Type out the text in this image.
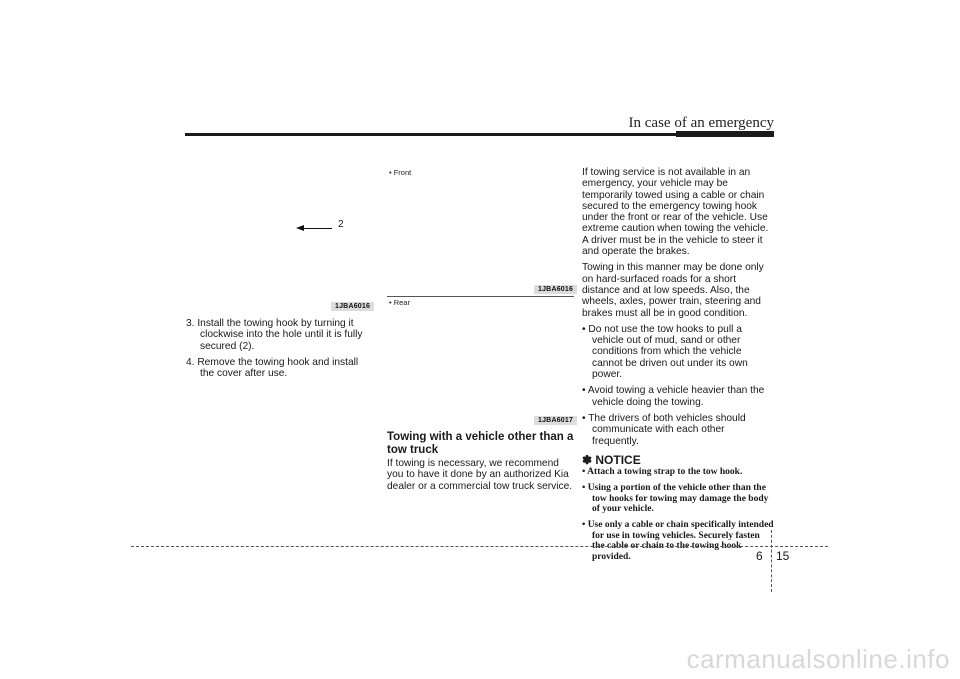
In case of an emergency
2
1JBA6016

3. Install the towing hook by turning it clockwise into the hole until it is fully secured (2).

4. Remove the towing hook and install the cover after use.

• Front
1JBA6016
• Rear
1JBA6017
Towing with a vehicle other than a tow truck

If towing is necessary, we recommend you to have it done by an authorized Kia dealer or a commercial tow truck service.

If towing service is not available in an emergency, your vehicle may be temporarily towed using a cable or chain secured to the emergency towing hook under the front or rear of the vehicle. Use extreme caution when towing the vehicle. A driver must be in the vehicle to steer it and operate the brakes.

Towing in this manner may be done only on hard-surfaced roads for a short distance and at low speeds. Also, the wheels, axles, power train, steering and brakes must all be in good condition.

• Do not use the tow hooks to pull a vehicle out of mud, sand or other conditions from which the vehicle cannot be driven out under its own power.

• Avoid towing a vehicle heavier than the vehicle doing the towing.

• The drivers of both vehicles should communicate with each other frequently.

✽ NOTICE

• Attach a towing strap to the tow hook.

• Using a portion of the vehicle other than the tow hooks for towing may damage the body of your vehicle.

• Use only a cable or chain specifically intended for use in towing vehicles. Securely fasten the cable or chain to the towing hook provided.	6 15
carmanualsonline.info
